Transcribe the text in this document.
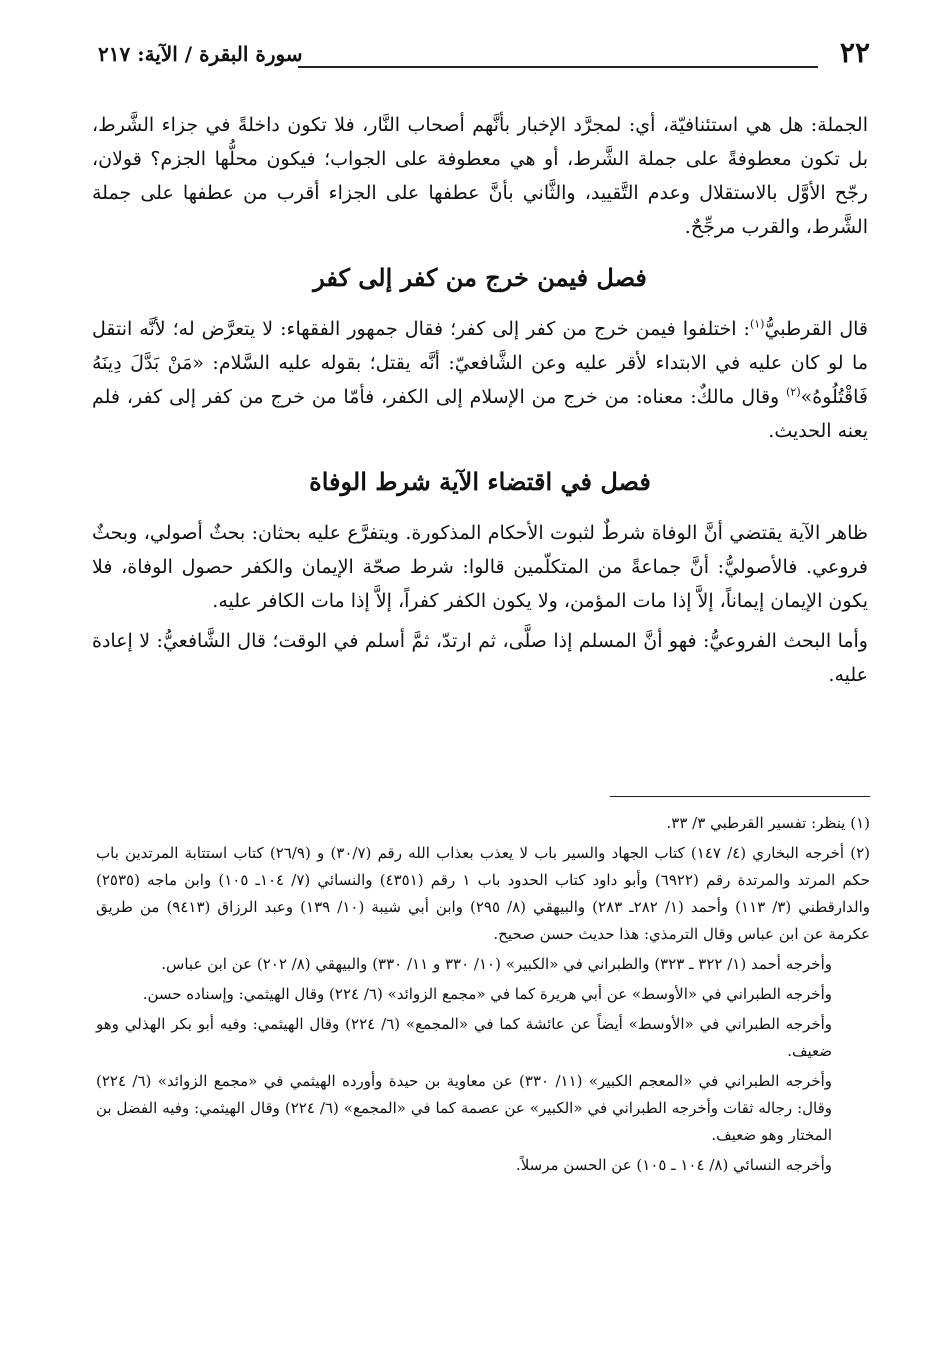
٢٢
سورة البقرة / الآية: ٢١٧

الجملة: هل هي استئنافيّة، أي: لمجرَّد الإخبار بأنَّهم أصحاب النَّار، فلا تكون داخلةً في جزاء الشَّرط، بل تكون معطوفةً على جملة الشَّرط، أو هي معطوفة على الجواب؛ فيكون محلُّها الجزم؟ قولان، رجّح الأوَّل بالاستقلال وعدم التَّقييد، والثَّاني بأنَّ عطفها على الجزاء أقرب من عطفها على جملة الشَّرط، والقرب مرجِّحٌ.

فصل فيمن خرج من كفر إلى كفر

قال القرطبيُّ$^{(١)}$: اختلفوا فيمن خرج من كفر إلى كفر؛ فقال جمهور الفقهاء: لا يتعرَّض له؛ لأنَّه انتقل ما لو كان عليه في الابتداء لأقر عليه وعن الشَّافعيّ: أنَّه يقتل؛ بقوله عليه السَّلام: «مَنْ بَدَّلَ دِينَهُ فَاقْتُلُوهُ»$^{(٢)}$ وقال مالكٌ: معناه: من خرج من الإسلام إلى الكفر، فأمّا من خرج من كفر إلى كفر، فلم يعنه الحديث.

فصل في اقتضاء الآية شرط الوفاة

ظاهر الآية يقتضي أنَّ الوفاة شرطٌ لثبوت الأحكام المذكورة. ويتفرَّع عليه بحثان: بحثٌ أصولي، وبحثٌ فروعي. فالأصوليُّ: أنَّ جماعةً من المتكلّمين قالوا: شرط صحّة الإيمان والكفر حصول الوفاة، فلا يكون الإيمان إيماناً، إلاَّ إذا مات المؤمن، ولا يكون الكفر كفراً، إلاَّ إذا مات الكافر عليه.

وأما البحث الفروعيُّ: فهو أنَّ المسلم إذا صلَّى، ثم ارتدّ، ثمَّ أسلم في الوقت؛ قال الشَّافعيُّ: لا إعادة عليه.

(١) ينظر: تفسير القرطبي ٣/ ٣٣.

(٢) أخرجه البخاري (٤/ ١٤٧) كتاب الجهاد والسير باب لا يعذب بعذاب الله رقم (٣٠/٧) و (٢٦/٩) كتاب استتابة المرتدين باب حكم المرتد والمرتدة رقم (٦٩٢٢) وأبو داود كتاب الحدود باب ١ رقم (٤٣٥١) والنسائي (٧/ ١٠٤ـ ١٠٥) وابن ماجه (٢٥٣٥) والدارقطني (٣/ ١١٣) وأحمد (١/ ٢٨٢ـ ٢٨٣) والبيهقي (٨/ ٢٩٥) وابن أبي شيبة (١٠/ ١٣٩) وعبد الرزاق (٩٤١٣) من طريق عكرمة عن ابن عباس وقال الترمذي: هذا حديث حسن صحيح.

وأخرجه أحمد (١/ ٣٢٢ ـ ٣٢٣) والطبراني في «الكبير» (١٠/ ٣٣٠ و ١١/ ٣٣٠) والبيهقي (٨/ ٢٠٢) عن ابن عباس.

وأخرجه الطبراني في «الأوسط» عن أبي هريرة كما في «مجمع الزوائد» (٦/ ٢٢٤) وقال الهيثمي: وإسناده حسن.

وأخرجه الطبراني في «الأوسط» أيضاً عن عائشة كما في «المجمع» (٦/ ٢٢٤) وقال الهيثمي: وفيه أبو بكر الهذلي وهو ضعيف.

وأخرجه الطبراني في «المعجم الكبير» (١١/ ٣٣٠) عن معاوية بن حيدة وأورده الهيثمي في «مجمع الزوائد» (٦/ ٢٢٤) وقال: رجاله ثقات وأخرجه الطبراني في «الكبير» عن عصمة كما في «المجمع» (٦/ ٢٢٤) وقال الهيثمي: وفيه الفضل بن المختار وهو ضعيف.

وأخرجه النسائي (٨/ ١٠٤ ـ ١٠٥) عن الحسن مرسلاً.
